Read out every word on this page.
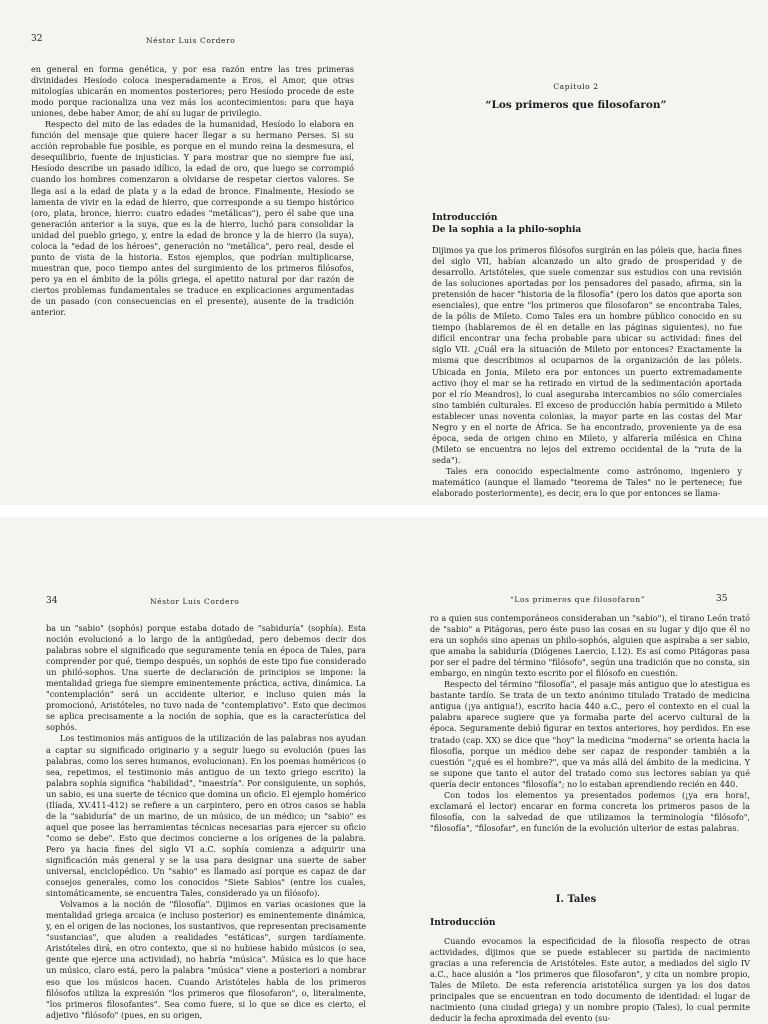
32	Néstor Luis Cordero

en general en forma genética, y por esa razón entre las tres primeras divinidades Hesíodo coloca inesperadamente a Eros, el Amor, que otras mitologías ubicarán en momentos posteriores; pero Hesíodo procede de este modo porque racionaliza una vez más los acontecimientos: para que haya uniones, debe haber Amor, de ahí su lugar de privilegio.

Respecto del mito de las edades de la humanidad, Hesíodo lo elabora en función del mensaje que quiere hacer llegar a su hermano Perses. Si su acción reprobable fue posible, es porque en el mundo reina la desmesura, el desequilibrio, fuente de injusticias. Y para mostrar que no siempre fue así, Hesíodo describe un pasado idílico, la edad de oro, que luego se corrompió cuando los hombres comenzaron a olvidarse de respetar ciertos valores. Se llega así a la edad de plata y a la edad de bronce. Finalmente, Hesíodo se lamenta de vivir en la edad de hierro, que corresponde a su tiempo histórico (oro, plata, bronce, hierro: cuatro edades "metálicas"), pero él sabe que una generación anterior a la suya, que es la de hierro, luchó para consolidar la unidad del pueblo griego, y, entre la edad de bronce y la de hierro (la suya), coloca la "edad de los héroes", generación no "metálica", pero real, desde el punto de vista de la historia. Estos ejemplos, que podrían multiplicarse, muestran que, poco tiempo antes del surgimiento de los primeros filósofos, pero ya en el ámbito de la pólis griega, el apetito natural por dar razón de ciertos problemas fundamentales se traduce en explicaciones argumentadas de un pasado (con consecuencias en el presente), ausente de la tradición anterior.

Capítulo 2
“Los primeros que filosofaron”
Introducción
De la sophia a la philo-sophia

Dijimos ya que los primeros filósofos surgirán en las póleis que, hacia fines del siglo VII, habían alcanzado un alto grado de prosperidad y de desarrollo. Aristóteles, que suele comenzar sus estudios con una revisión de las soluciones aportadas por los pensadores del pasado, afirma, sin la pretensión de hacer "historia de la filosofía" (pero los datos que aporta son esenciales), que entre "los primeros que filosofaron" se encontraba Tales, de la pólis de Mileto. Como Tales era un hombre público conocido en su tiempo (hablaremos de él en detalle en las páginas siguientes), no fue difícil encontrar una fecha probable para ubicar su actividad: fines del siglo VII. ¿Cuál era la situación de Mileto por entonces? Exactamente la misma que describimos al ocuparnos de la organización de las póleis. Ubicada en Jonia, Mileto era por entonces un puerto extremadamente activo (hoy el mar se ha retirado en virtud de la sedimentación aportada por el río Meandros), lo cual aseguraba intercambios no sólo comerciales sino también culturales. El exceso de producción había permitido a Mileto establecer unas noventa colonias, la mayor parte en las costas del Mar Negro y en el norte de África. Se ha encontrado, proveniente ya de esa época, seda de origen chino en Mileto, y alfarería milésica en China (Mileto se encuentra no lejos del extremo occidental de la "ruta de la seda").

Tales era conocido especialmente como astrónomo, ingeniero y matemático (aunque el llamado "teorema de Tales" no le pertenece; fue elaborado posteriormente), es decir, era lo que por entonces se llama-

34	Néstor Luis Cordero

ba un "sabio" (sophós) porque estaba dotado de "sabiduría" (sophía). Esta noción evolucionó a lo largo de la antigüedad, pero debemos decir dos palabras sobre el significado que seguramente tenía en época de Tales, para comprender por qué, tiempo después, un sophós de este tipo fue considerado un philó-sophos. Una suerte de declaración de principios se impone: la mentalidad griega fue siempre eminentemente práctica, activa, dinámica. La "contemplación" será un accidente ulterior, e incluso quien más la promocionó, Aristóteles, no tuvo nada de "contemplativo". Esto que decimos se aplica precisamente a la noción de sophía, que es la característica del sophós.

Los testimonios más antiguos de la utilización de las palabras nos ayudan a captar su significado originario y a seguir luego su evolución (pues las palabras, como los seres humanos, evolucionan). En los poemas homéricos (o sea, repetimos, el testimonio más antiguo de un texto griego escrito) la palabra sophía significa "habilidad", "maestría". Por consiguiente, un sophós, un sabio, es una suerte de técnico que domina un oficio. El ejemplo homérico (Ilíada, XV.411-412) se refiere a un carpintero, pero en otros casos se habla de la "sabiduría" de un marino, de un músico, de un médico; un "sabio" es aquel que posee las herramientas técnicas necesarias para ejercer su oficio "como se debe". Esto que decimos concierne a los orígenes de la palabra. Pero ya hacia fines del siglo VI a.C. sophía comienza a adquirir una significación más general y se la usa para designar una suerte de saber universal, enciclopédico. Un "sabio" es llamado así porque es capaz de dar consejos generales, como los conocidos "Siete Sabios" (entre los cuales, sintomáticamente, se encuentra Tales, considerado ya un filósofo).

Volvamos a la noción de "filosofía". Dijimos en varias ocasiones que la mentalidad griega arcaica (e incluso posterior) es eminentemente dinámica, y, en el origen de las nociones, los sustantivos, que representan precisamente "sustancias", que aluden a realidades "estáticas", surgen tardíamente. Aristóteles dirá, en otro contexto, que si no hubiese habido músicos (o sea, gente que ejerce una actividad), no habría "música". Música es lo que hace un músico, claro está, pero la palabra "música" viene a posteriori a nombrar eso que los músicos hacen. Cuando Aristóteles habla de los primeros filósofos utiliza la expresión "los primeros que filosofaron", o, literalmente, "los primeros filosofantes". Sea como fuere, si lo que se dice es cierto, el adjetivo "filósofo" (pues, en su origen,

“Los primeros que filosofaron”	35

ro a quien sus contemporáneos consideraban un "sabio"), el tirano León trató de "sabio" a Pitágoras, pero éste puso las cosas en su lugar y dijo que él no era un sophós sino apenas un philo-sophós, alguien que aspiraba a ser sabio, que amaba la sabiduría (Diógenes Laercio, I.12). Es así como Pitágoras pasa por ser el padre del término "filósofo", según una tradición que no consta, sin embargo, en ningún texto escrito por el filósofo en cuestión.

Respecto del término "filosofía", el pasaje más antiguo que lo atestigua es bastante tardío. Se trata de un texto anónimo titulado Tratado de medicina antigua (¡ya antigua!), escrito hacia 440 a.C., pero el contexto en el cual la palabra aparece sugiere que ya formaba parte del acervo cultural de la época. Seguramente debió figurar en textos anteriores, hoy perdidos. En ese tratado (cap. XX) se dice que "hoy" la medicina "moderna" se orienta hacia la filosofía, porque un médico debe ser capaz de responder también a la cuestión "¿qué es el hombre?", que va más allá del ámbito de la medicina. Y se supone que tanto el autor del tratado como sus lectores sabían ya qué quería decir entonces "filosofía"; no lo estaban aprendiendo recién en 440.

Con todos los elementos ya presentados podemos (¡ya era hora!, exclamará el lector) encarar en forma concreta los primeros pasos de la filosofía, con la salvedad de que utilizamos la terminología "filósofo", "filosofía", "filosofar", en función de la evolución ulterior de estas palabras.

I. Tales
Introducción

Cuando evocamos la especificidad de la filosofía respecto de otras actividades, dijimos que se puede establecer su partida de nacimiento gracias a una referencia de Aristóteles. Este autor, a mediados del siglo IV a.C., hace alusión a "los primeros que filosofaron", y cita un nombre propio, Tales de Mileto. De esta referencia aristotélica surgen ya los dos datos principales que se encuentran en todo documento de identidad: el lugar de nacimiento (una ciudad griega) y un nombre propio (Tales), lo cual permite deducir la fecha aproximada del evento (su-
